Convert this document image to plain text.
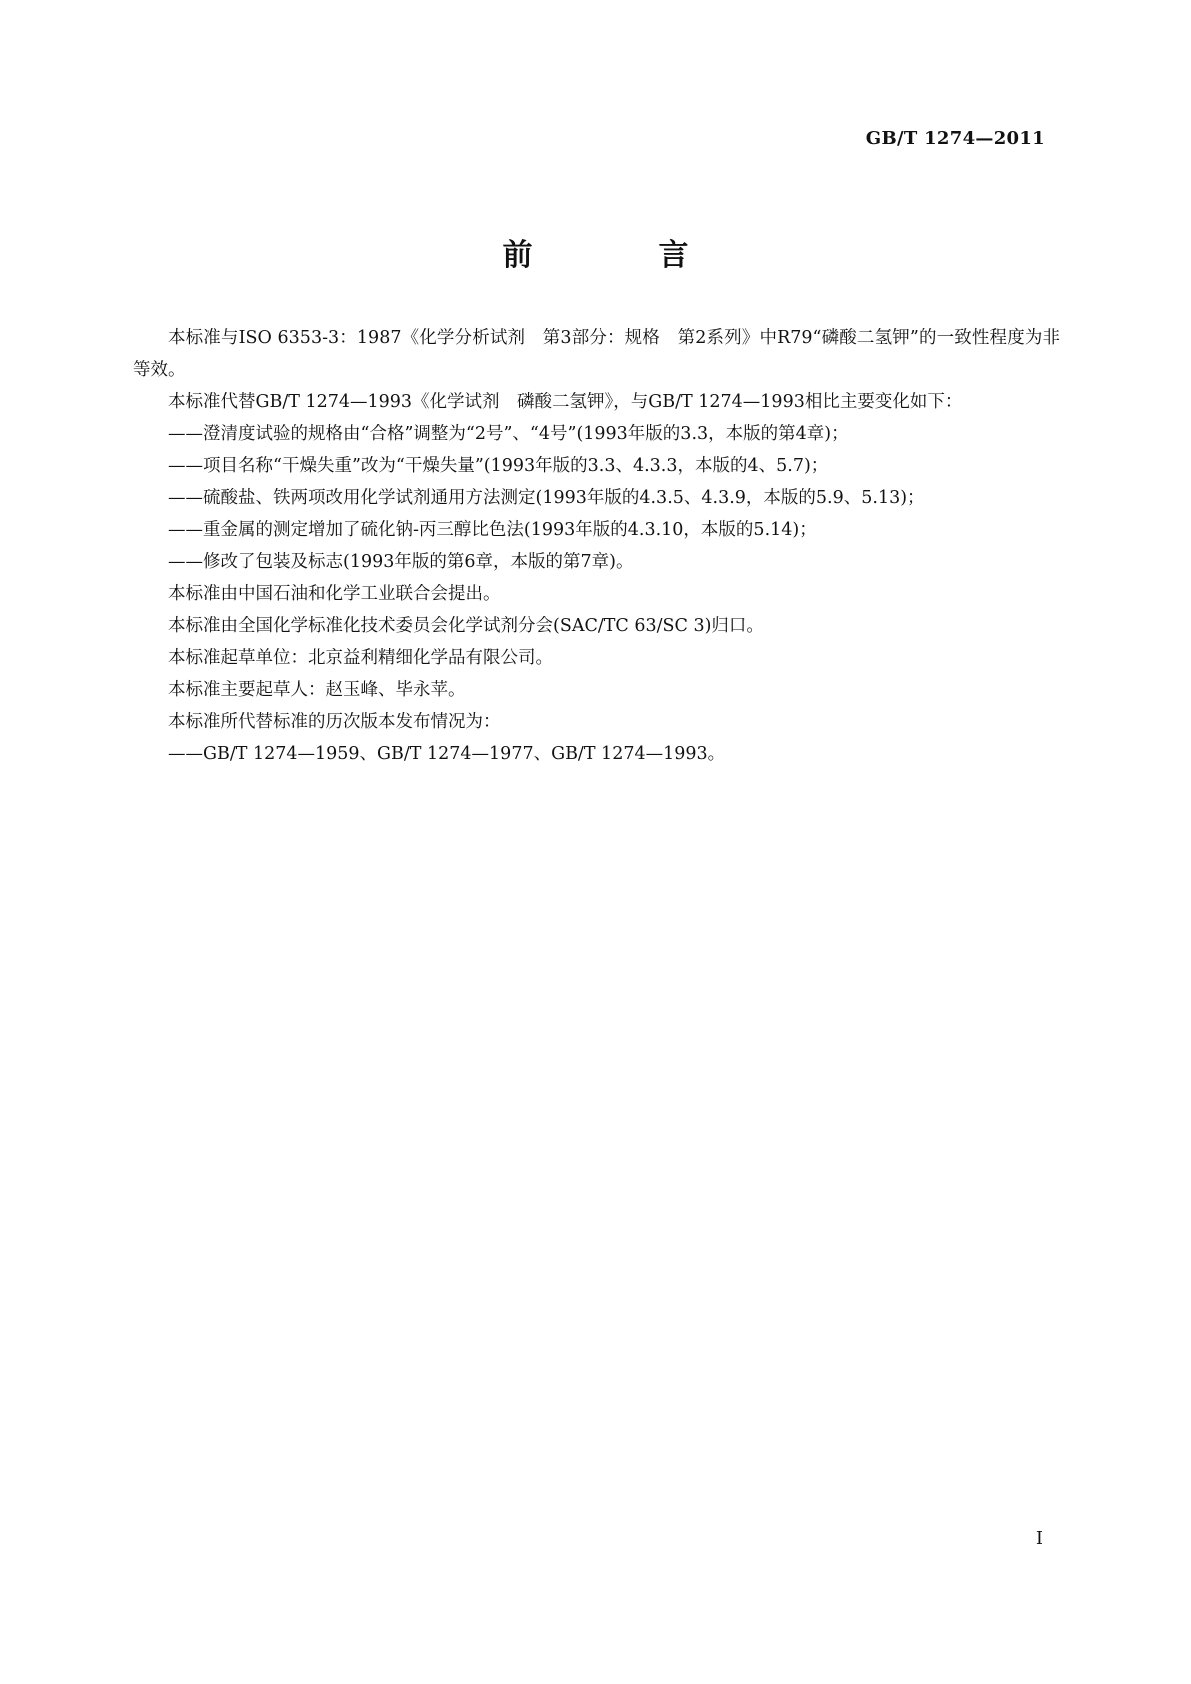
GB/T 1274—2011
前　言

本标准与ISO 6353-3：1987《化学分析试剂　第3部分：规格　第2系列》中R79“磷酸二氢钾”的一致性程度为非等效。

本标准代替GB/T 1274—1993《化学试剂　磷酸二氢钾》，与GB/T 1274—1993相比主要变化如下：

——澄清度试验的规格由“合格”调整为“2号”、“4号”(1993年版的3.3，本版的第4章)；

——项目名称“干燥失重”改为“干燥失量”(1993年版的3.3、4.3.3，本版的4、5.7)；

——硫酸盐、铁两项改用化学试剂通用方法测定(1993年版的4.3.5、4.3.9，本版的5.9、5.13)；

——重金属的测定增加了硫化钠-丙三醇比色法(1993年版的4.3.10，本版的5.14)；

——修改了包装及标志(1993年版的第6章，本版的第7章)。

本标准由中国石油和化学工业联合会提出。

本标准由全国化学标准化技术委员会化学试剂分会(SAC/TC 63/SC 3)归口。

本标准起草单位：北京益利精细化学品有限公司。

本标准主要起草人：赵玉峰、毕永苹。

本标准所代替标准的历次版本发布情况为：

——GB/T 1274—1959、GB/T 1274—1977、GB/T 1274—1993。

I
